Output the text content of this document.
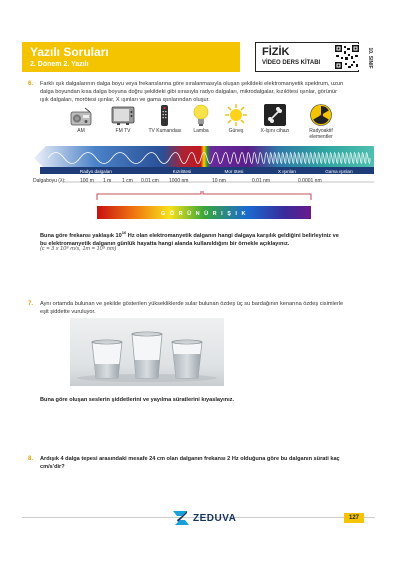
Yazılı Soruları
2. Dönem 2. Yazılı
FİZİK
VİDEO DERS KİTABI	10. SINIF
6. Farklı ışık dalgalarının dalga boyu veya frekanslarına göre sıralanmasıyla oluşan şekildeki elektromanyetik spektrum, uzun
dalga boyundan kısa dalga boyuna doğru şekildeki gibi sırasıyla radyo dalgaları, mikrodalgalar, kızılötesi ışınlar, görünür
ışık dalgaları, morötesi ışınlar, X ışınları ve gama ışınlarından oluşur.
AM	FM TV	TV Kumandası	Lamba	Güneş	X-Işını cihazı	Radyoaktif elementler
Radyo dalgaları	Kızılötesi	Mor ötesi	X ışınları	Gama ışınları
Dalgaboyu (λ):	100 m 1 m 1 cm 0.01 cm 1000 nm	10 nm	0.01 nm	0.0001 nm
G Ö R Ü N Ü R I Ş I K
Buna göre frekansı yaklaşık $10^{16}$ Hz olan elektromanyetik dalganın hangi dalgaya karşılık geldiğini belirleyiniz ve
bu elektromanyetik dalganın günlük hayatta hangi alanda kullanıldığını bir örnekle açıklayınız.
(c = 3 x 10⁸ m/s, 1m = 10⁹ nm)
7. Aynı ortamda bulunan ve şekilde gösterilen yüksekliklerde sular bulunan özdeş üç su bardağının kenarına özdeş cisimlerle
eşit şiddette vuruluyor.
Buna göre oluşan seslerin şiddetlerini ve yayılma süratlerini kıyaslayınız.
8. Ardışık 4 dalga tepesi arasındaki mesafe 24 cm olan dalganın frekansı 2 Hz olduğuna göre bu dalganın sürati kaç
cm/s'dir?
ZEDUVA	127
